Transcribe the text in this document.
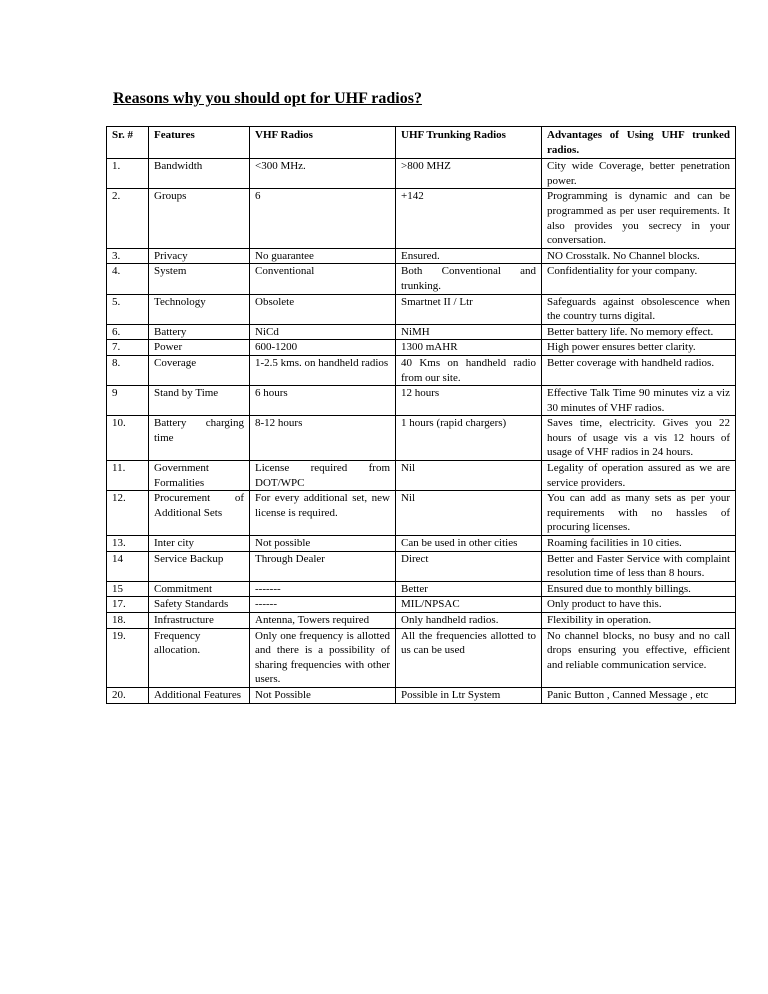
Reasons why you should opt for UHF radios?
Sr. #	Features	VHF Radios	UHF Trunking Radios	Advantages of Using UHF trunked radios.
1.	Bandwidth	<300 MHz.	>800 MHZ	City wide Coverage, better penetration power.
2.	Groups	6	+142	Programming is dynamic and can be programmed as per user requirements. It also provides you secrecy in your conversation.
3.	Privacy	No guarantee	Ensured.	NO Crosstalk. No Channel blocks.
4.	System	Conventional	Both Conventional and trunking.	Confidentiality for your company.
5.	Technology	Obsolete	Smartnet II / Ltr	Safeguards against obsolescence when the country turns digital.
6.	Battery	NiCd	NiMH	Better battery life. No memory effect.
7.	Power	600-1200	1300 mAHR	High power ensures better clarity.
8.	Coverage	1-2.5 kms. on handheld radios	40 Kms on handheld radio from our site.	Better coverage with handheld radios.
9	Stand by Time	6 hours	12 hours	Effective Talk Time 90 minutes viz a viz 30 minutes of VHF radios.
10.	Battery charging time	8-12 hours	1 hours (rapid chargers)	Saves time, electricity. Gives you 22 hours of usage vis a vis 12 hours of usage of VHF radios in 24 hours.
11.	Government Formalities	License required from DOT/WPC	Nil	Legality of operation assured as we are service providers.
12.	Procurement of Additional Sets	For every additional set, new license is required.	Nil	You can add as many sets as per your requirements with no hassles of procuring licenses.
13.	Inter city	Not possible	Can be used in other cities	Roaming facilities in 10 cities.
14	Service Backup	Through Dealer	Direct	Better and Faster Service with complaint resolution time of less than 8 hours.
15	Commitment	-------	Better	Ensured due to monthly billings.
17.	Safety Standards	------	MIL/NPSAC	Only product to have this.
18.	Infrastructure	Antenna, Towers required	Only handheld radios.	Flexibility in operation.
19.	Frequency allocation.	Only one frequency is allotted and there is a possibility of sharing frequencies with other users.	All the frequencies allotted to us can be used	No channel blocks, no busy and no call drops ensuring you effective, efficient and reliable communication service.
20.	Additional Features	Not Possible	Possible in Ltr System	Panic Button , Canned Message , etc
